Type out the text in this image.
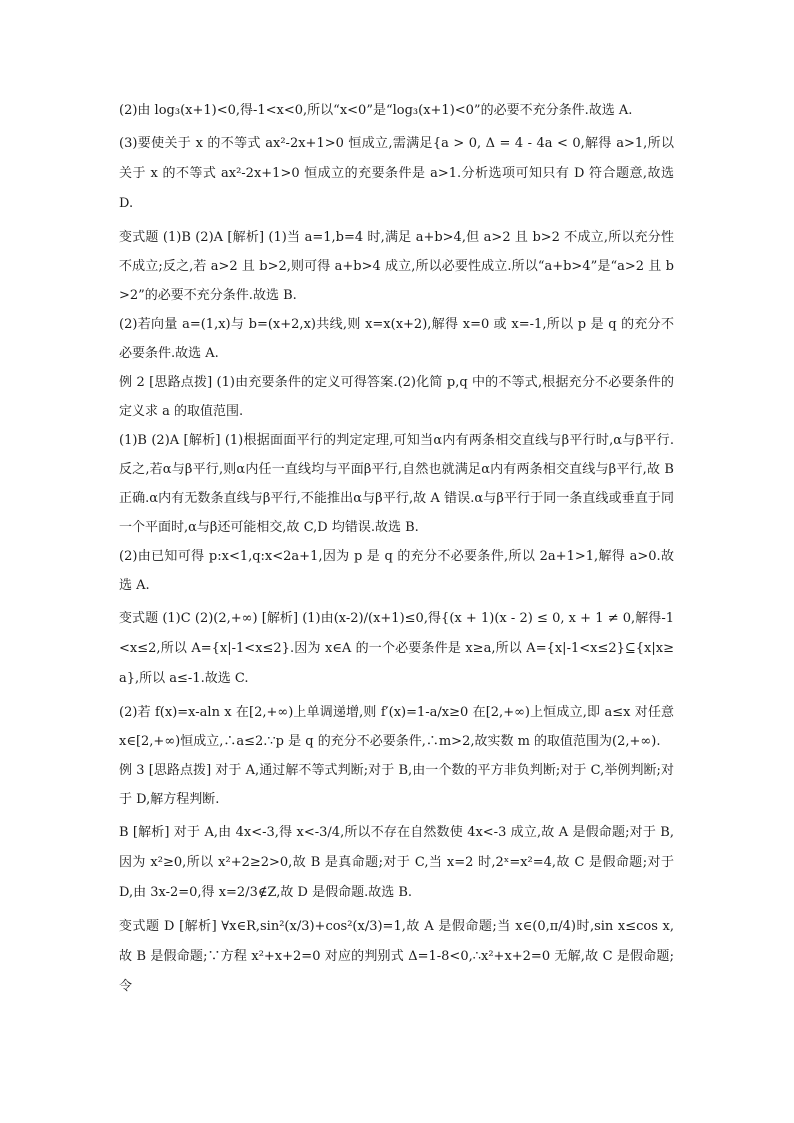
(2)由 log₃(x+1)<0,得-1<x<0,所以“x<0”是“log₃(x+1)<0”的必要不充分条件.故选 A.

(3)要使关于 x 的不等式 ax²-2x+1>0 恒成立,需满足{a > 0, Δ = 4 - 4a < 0,解得 a>1,所以关于 x 的不等式 ax²-2x+1>0 恒成立的充要条件是 a>1.分析选项可知只有 D 符合题意,故选 D.

变式题 (1)B (2)A [解析] (1)当 a=1,b=4 时,满足 a+b>4,但 a>2 且 b>2 不成立,所以充分性不成立;反之,若 a>2 且 b>2,则可得 a+b>4 成立,所以必要性成立.所以“a+b>4”是“a>2 且 b>2”的必要不充分条件.故选 B.

(2)若向量 a=(1,x)与 b=(x+2,x)共线,则 x=x(x+2),解得 x=0 或 x=-1,所以 p 是 q 的充分不必要条件.故选 A.

例 2 [思路点拨] (1)由充要条件的定义可得答案.(2)化简 p,q 中的不等式,根据充分不必要条件的定义求 a 的取值范围.

(1)B (2)A [解析] (1)根据面面平行的判定定理,可知当α内有两条相交直线与β平行时,α与β平行.反之,若α与β平行,则α内任一直线均与平面β平行,自然也就满足α内有两条相交直线与β平行,故 B 正确.α内有无数条直线与β平行,不能推出α与β平行,故 A 错误.α与β平行于同一条直线或垂直于同一个平面时,α与β还可能相交,故 C,D 均错误.故选 B.

(2)由已知可得 p:x<1,q:x<2a+1,因为 p 是 q 的充分不必要条件,所以 2a+1>1,解得 a>0.故选 A.

变式题 (1)C (2)(2,+∞) [解析] (1)由(x-2)/(x+1)≤0,得{(x + 1)(x - 2) ≤ 0, x + 1 ≠ 0,解得-1<x≤2,所以 A={x|-1<x≤2}.因为 x∈A 的一个必要条件是 x≥a,所以 A={x|-1<x≤2}⊆{x|x≥a},所以 a≤-1.故选 C.

(2)若 f(x)=x-aln x 在[2,+∞)上单调递增,则 f′(x)=1-a/x≥0 在[2,+∞)上恒成立,即 a≤x 对任意 x∈[2,+∞)恒成立,∴a≤2.∵p 是 q 的充分不必要条件,∴m>2,故实数 m 的取值范围为(2,+∞).

例 3 [思路点拨] 对于 A,通过解不等式判断;对于 B,由一个数的平方非负判断;对于 C,举例判断;对于 D,解方程判断.

B [解析] 对于 A,由 4x<-3,得 x<-3/4,所以不存在自然数使 4x<-3 成立,故 A 是假命题;对于 B,因为 x²≥0,所以 x²+2≥2>0,故 B 是真命题;对于 C,当 x=2 时,2ˣ=x²=4,故 C 是假命题;对于 D,由 3x-2=0,得 x=2/3∉Z,故 D 是假命题.故选 B.

变式题 D [解析] ∀x∈R,sin²(x/3)+cos²(x/3)=1,故 A 是假命题;当 x∈(0,π/4)时,sin x≤cos x,故 B 是假命题;∵方程 x²+x+2=0 对应的判别式 Δ=1-8<0,∴x²+x+2=0 无解,故 C 是假命题;令
